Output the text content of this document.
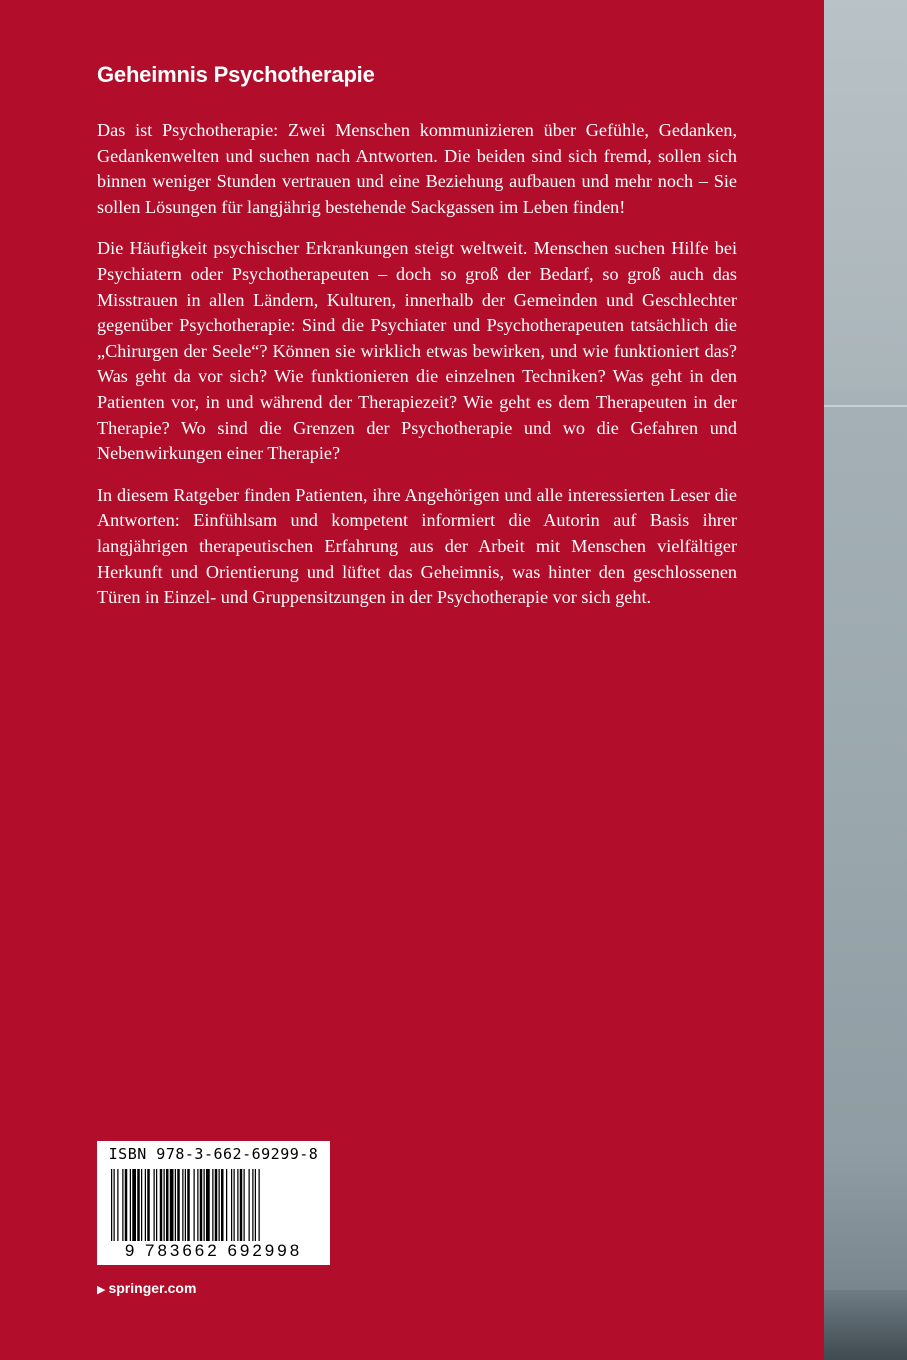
Geheimnis Psychotherapie

Das ist Psychotherapie: Zwei Menschen kommunizieren über Gefühle, Gedanken, Gedankenwelten und suchen nach Antworten. Die beiden sind sich fremd, sollen sich binnen weniger Stunden vertrauen und eine Beziehung aufbauen und mehr noch – Sie sollen Lösungen für langjährig bestehende Sackgassen im Leben finden!

Die Häufigkeit psychischer Erkrankungen steigt weltweit. Menschen suchen Hilfe bei Psychiatern oder Psychotherapeuten – doch so groß der Bedarf, so groß auch das Misstrauen in allen Ländern, Kulturen, innerhalb der Gemeinden und Geschlechter gegenüber Psychotherapie: Sind die Psychiater und Psychotherapeuten tatsächlich die „Chirurgen der Seele“? Können sie wirklich etwas bewirken, und wie funktioniert das? Was geht da vor sich? Wie funktionieren die einzelnen Techniken? Was geht in den Patienten vor, in und während der Therapiezeit? Wie geht es dem Therapeuten in der Therapie? Wo sind die Grenzen der Psychotherapie und wo die Gefahren und Nebenwirkungen einer Therapie?

In diesem Ratgeber finden Patienten, ihre Angehörigen und alle interessierten Leser die Antworten: Einfühlsam und kompetent informiert die Autorin auf Basis ihrer langjährigen therapeutischen Erfahrung aus der Arbeit mit Menschen vielfältiger Herkunft und Orientierung und lüftet das Geheimnis, was hinter den geschlossenen Türen in Einzel- und Gruppensitzungen in der Psychotherapie vor sich geht.

ISBN 978-3-662-69299-8
9 783662 692998
▶ springer.com
